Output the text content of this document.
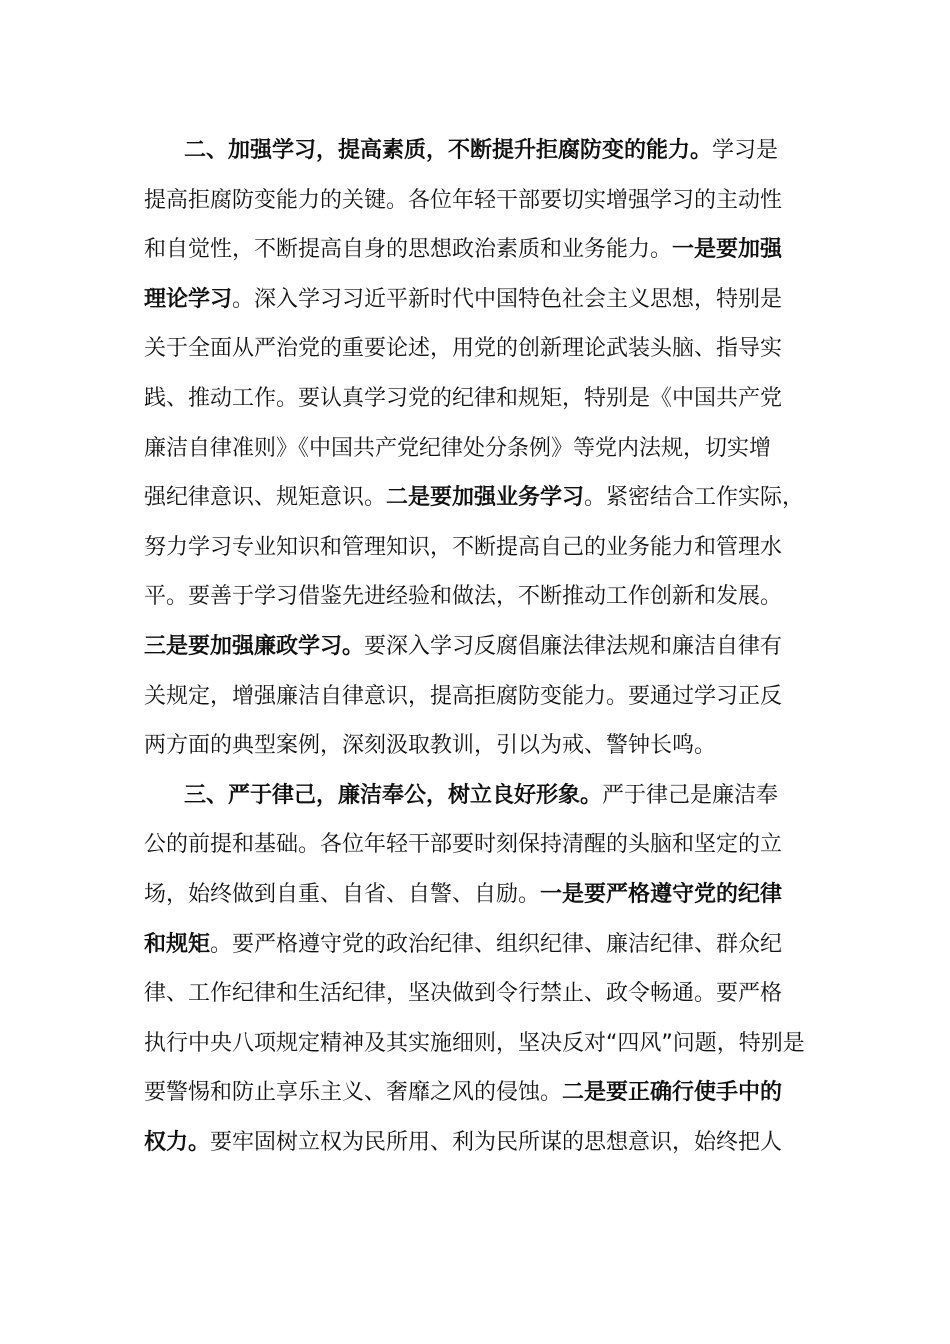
二、加强学习，提高素质，不断提升拒腐防变的能力。学习是
提高拒腐防变能力的关键。各位年轻干部要切实增强学习的主动性
和自觉性，不断提高自身的思想政治素质和业务能力。一是要加强
理论学习。深入学习习近平新时代中国特色社会主义思想，特别是
关于全面从严治党的重要论述，用党的创新理论武装头脑、指导实
践、推动工作。要认真学习党的纪律和规矩，特别是《中国共产党
廉洁自律准则》《中国共产党纪律处分条例》等党内法规，切实增
强纪律意识、规矩意识。二是要加强业务学习。紧密结合工作实际，
努力学习专业知识和管理知识，不断提高自己的业务能力和管理水
平。要善于学习借鉴先进经验和做法，不断推动工作创新和发展。
三是要加强廉政学习。要深入学习反腐倡廉法律法规和廉洁自律有
关规定，增强廉洁自律意识，提高拒腐防变能力。要通过学习正反
两方面的典型案例，深刻汲取教训，引以为戒、警钟长鸣。
三、严于律己，廉洁奉公，树立良好形象。严于律己是廉洁奉
公的前提和基础。各位年轻干部要时刻保持清醒的头脑和坚定的立
场，始终做到自重、自省、自警、自励。一是要严格遵守党的纪律
和规矩。要严格遵守党的政治纪律、组织纪律、廉洁纪律、群众纪
律、工作纪律和生活纪律，坚决做到令行禁止、政令畅通。要严格
执行中央八项规定精神及其实施细则，坚决反对“四风”问题，特别是
要警惕和防止享乐主义、奢靡之风的侵蚀。二是要正确行使手中的
权力。要牢固树立权为民所用、利为民所谋的思想意识，始终把人
